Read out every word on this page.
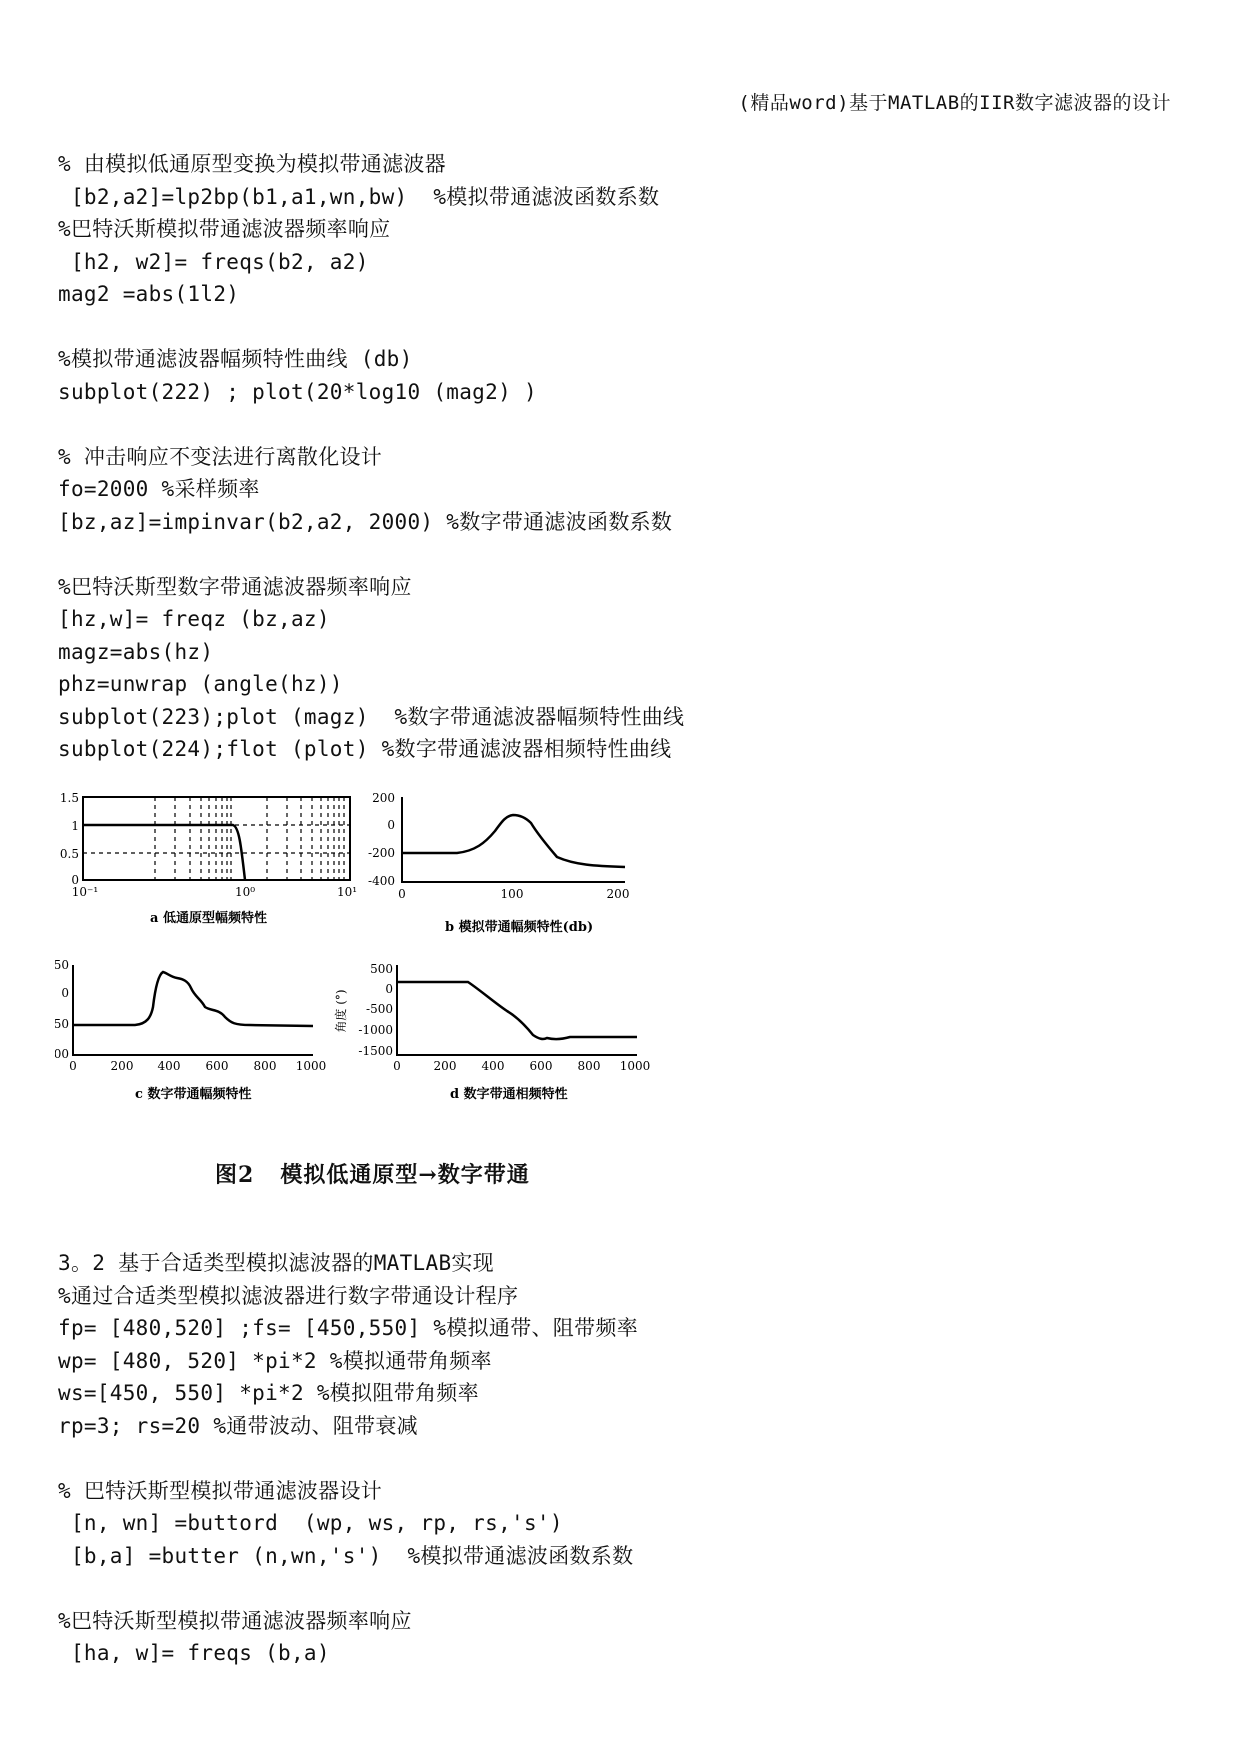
(精品word)基于MATLAB的IIR数字滤波器的设计
% 由模拟低通原型变换为模拟带通滤波器
[b2,a2]=lp2bp(b1,a1,wn,bw)  %模拟带通滤波函数系数
%巴特沃斯模拟带通滤波器频率响应
[h2, w2]= freqs(b2, a2)
mag2 =abs(1l2)
%模拟带通滤波器幅频特性曲线 (db)
subplot(222) ; plot(20*log10 (mag2) )
% 冲击响应不变法进行离散化设计
fo=2000 %采样频率
[bz,az]=impinvar(b2,a2, 2000) %数字带通滤波函数系数
%巴特沃斯型数字带通滤波器频率响应
[hz,w]= freqz (bz,az)
magz=abs(hz)
phz=unwrap (angle(hz))
subplot(223);plot (magz)  %数字带通滤波器幅频特性曲线
subplot(224);flot (plot) %数字带通滤波器相频特性曲线
1.5
1
0.5
0
10⁻¹	10⁰	10¹
a 低通原型幅频特性
200
0
-200
-400
0	100	200
b 模拟带通幅频特性(db)
50
0
50
00
0	200 400 600 800 1000
c 数字带通幅频特性
500
0
-500
-1000
-1500
角度 (°)
0	200 400 600 800 1000
d 数字带通相频特性
图2 模拟低通原型→数字带通
3。2 基于合适类型模拟滤波器的MATLAB实现
%通过合适类型模拟滤波器进行数字带通设计程序
fp= [480,520] ;fs= [450,550] %模拟通带、阻带频率
wp= [480, 520] *pi*2 %模拟通带角频率
ws=[450, 550] *pi*2 %模拟阻带角频率
rp=3; rs=20 %通带波动、阻带衰减
% 巴特沃斯型模拟带通滤波器设计
[n, wn] =buttord  (wp, ws, rp, rs,'s')
[b,a] =butter (n,wn,'s')  %模拟带通滤波函数系数
%巴特沃斯型模拟带通滤波器频率响应
[ha, w]= freqs (b,a)
